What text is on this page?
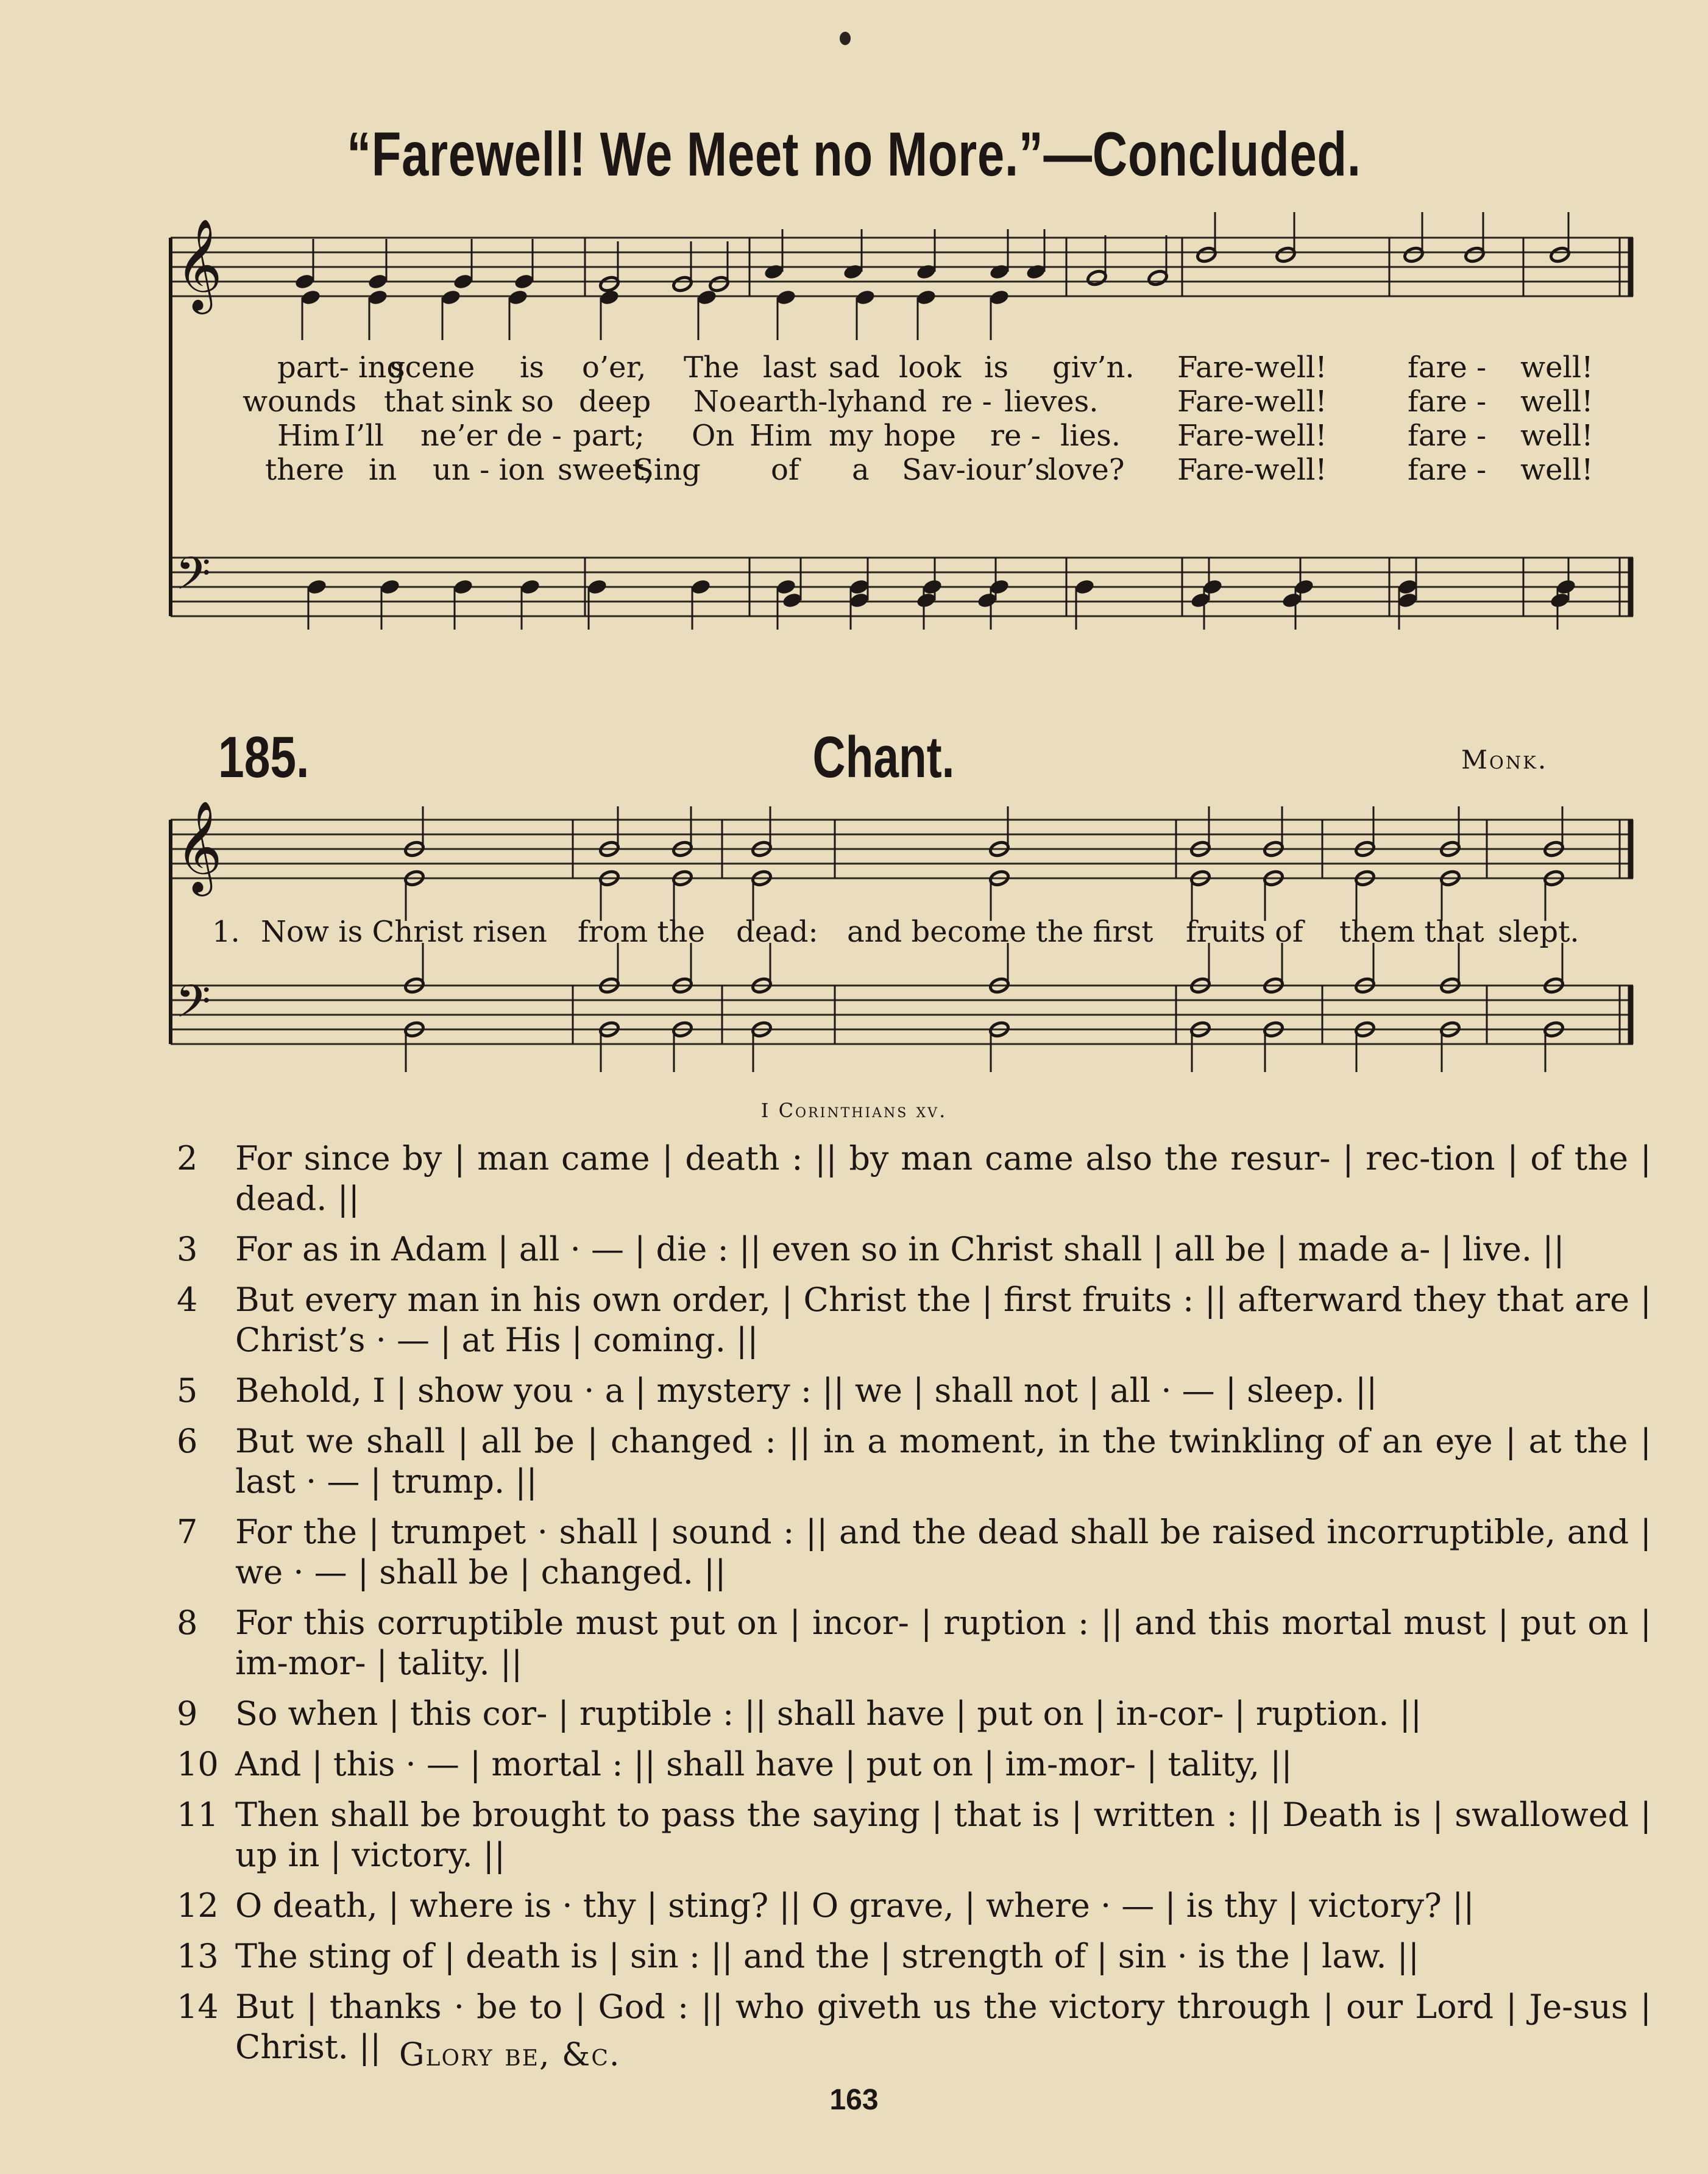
“Farewell! We Meet no More.”—Concluded.
𝄞
𝄢
𝄞
𝄢
part- ing
scene is o’er, The last sad look is giv’n. Fare-well!	fare - well!
wounds that sink so deep No earth-ly hand re - lieves.	Fare-well!	fare - well!
Him I’ll ne’er de - part; On Him my hope re - lies. Fare-well!	fare - well!
there in un - ion sweet,
Sing of a Sav-iour’s
love? Fare-well!	fare - well!
185.	Chant.	Monk.
1. Now is Christ risen from the dead: and become the first fruits of them that slept.
I Corinthians xv.
2	For since by | man came | death : || by man came also the resur- | rec-tion | of the | dead. ||
3	For as in Adam | all · — | die : || even so in Christ shall | all be | made a- | live. ||
4	But every man in his own order, | Christ the | first fruits : || afterward they that are | Christ’s · — | at His | coming. ||
5	Behold, I | show you · a | mystery : || we | shall not | all · — | sleep. ||
6	But we shall | all be | changed : || in a moment, in the twinkling of an eye | at the | last · — | trump. ||
7	For the | trumpet · shall | sound : || and the dead shall be raised incorruptible, and | we · — | shall be | changed. ||
8	For this corruptible must put on | incor- | ruption : || and this mortal must | put on | im-mor- | tality. ||
9	So when | this cor- | ruptible : || shall have | put on | in-cor- | ruption. ||
10 And | this · — | mortal : || shall have | put on | im-mor- | tality, ||
11 Then shall be brought to pass the saying | that is | written : || Death is | swallowed | up in | victory. ||
12 O death, | where is · thy | sting? || O grave, | where · — | is thy | victory? ||
13 The sting of | death is | sin : || and the | strength of | sin · is the | law. ||
14 But | thanks · be to | God : || who giveth us the victory through | our Lord | Je-sus | Christ. || Glory be, &c.
163
